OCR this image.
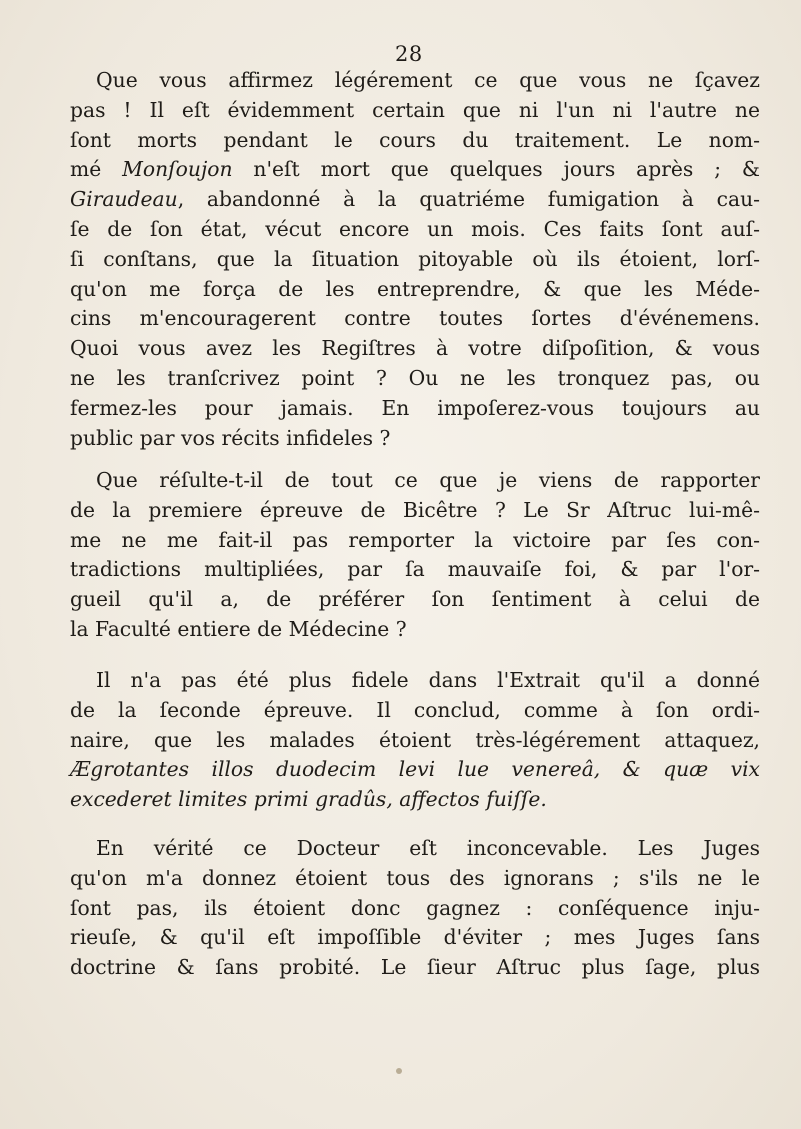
28
Que vous affirmez légérement ce que vous ne ſçavez
pas ! Il eſt évidemment certain que ni l'un ni l'autre ne
ſont morts pendant le cours du traitement. Le nom-
mé Monſoujon n'eſt mort que quelques jours après ; &
Giraudeau, abandonné à la quatriéme fumigation à cau-
ſe de ſon état, vécut encore un mois. Ces faits ſont auſ-
ſi conſtans, que la ſituation pitoyable où ils étoient, lorſ-
qu'on me força de les entreprendre, & que les Méde-
cins m'encouragerent contre toutes ſortes d'événemens.
Quoi vous avez les Regiſtres à votre diſpoſition, & vous
ne les tranſcrivez point ? Ou ne les tronquez pas, ou
fermez-les pour jamais. En impoſerez-vous toujours au
public par vos récits infideles ?
Que réſulte-t-il de tout ce que je viens de rapporter
de la premiere épreuve de Bicêtre ? Le Sr Aſtruc lui-mê-
me ne me fait-il pas remporter la victoire par ſes con-
tradictions multipliées, par ſa mauvaiſe foi, & par l'or-
gueil qu'il a, de préférer ſon ſentiment à celui de
la Faculté entiere de Médecine ?
Il n'a pas été plus fidele dans l'Extrait qu'il a donné
de la ſeconde épreuve. Il conclud, comme à ſon ordi-
naire, que les malades étoient très-légérement attaquez,
Ægrotantes illos duodecim levi lue venereâ, & quæ vix
excederet limites primi gradûs, affectos fuiſſe.
En vérité ce Docteur eſt inconcevable. Les Juges
qu'on m'a donnez étoient tous des ignorans ; s'ils ne le
ſont pas, ils étoient donc gagnez : conſéquence inju-
rieuſe, & qu'il eſt impoſſible d'éviter ; mes Juges ſans
doctrine & ſans probité. Le ſieur Aſtruc plus ſage, plus
